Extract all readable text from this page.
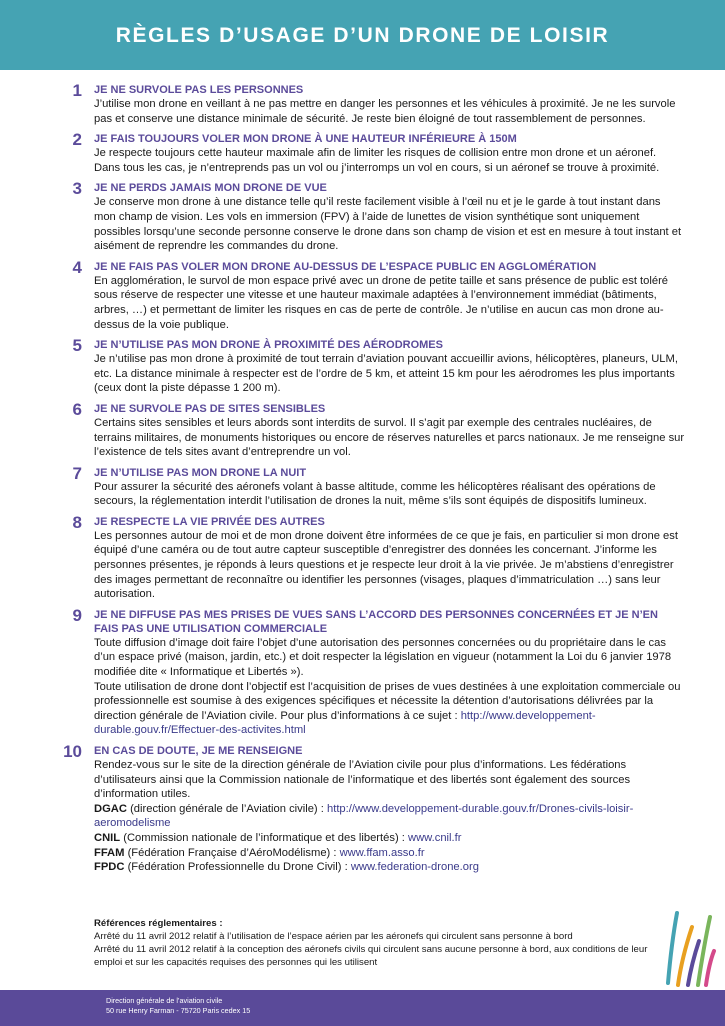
RÈGLES D’USAGE D’UN DRONE DE LOISIR
1 JE NE SURVOLE PAS LES PERSONNES

J’utilise mon drone en veillant à ne pas mettre en danger les personnes et les véhicules à proximité. Je ne les survole pas et conserve une distance minimale de sécurité. Je reste bien éloigné de tout rassemblement de personnes.

2 JE FAIS TOUJOURS VOLER MON DRONE À UNE HAUTEUR INFÉRIEURE À 150M

Je respecte toujours cette hauteur maximale afin de limiter les risques de collision entre mon drone et un aéronef. Dans tous les cas, je n’entreprends pas un vol ou j’interromps un vol en cours, si un aéronef se trouve à proximité.

3 JE NE PERDS JAMAIS MON DRONE DE VUE

Je conserve mon drone à une distance telle qu’il reste facilement visible à l’œil nu et je le garde à tout instant dans mon champ de vision. Les vols en immersion (FPV) à l’aide de lunettes de vision synthétique sont uniquement possibles lorsqu’une seconde personne conserve le drone dans son champ de vision et est en mesure à tout instant et aisément de reprendre les commandes du drone.

4 JE NE FAIS PAS VOLER MON DRONE AU-DESSUS DE L’ESPACE PUBLIC EN AGGLOMÉRATION

En agglomération, le survol de mon espace privé avec un drone de petite taille et sans présence de public est toléré sous réserve de respecter une vitesse et une hauteur maximale adaptées à l’environnement immédiat (bâtiments, arbres, …) et permettant de limiter les risques en cas de perte de contrôle. Je n’utilise en aucun cas mon drone au-dessus de la voie publique.

5 JE N’UTILISE PAS MON DRONE À PROXIMITÉ DES AÉRODROMES

Je n’utilise pas mon drone à proximité de tout terrain d’aviation pouvant accueillir avions, hélicoptères, planeurs, ULM, etc. La distance minimale à respecter est de l’ordre de 5 km, et atteint 15 km pour les aérodromes les plus importants (ceux dont la piste dépasse 1 200 m).

6 JE NE SURVOLE PAS DE SITES SENSIBLES

Certains sites sensibles et leurs abords sont interdits de survol. Il s’agit par exemple des centrales nucléaires, de terrains militaires, de monuments historiques ou encore de réserves naturelles et parcs nationaux. Je me renseigne sur l’existence de tels sites avant d’entreprendre un vol.

7 JE N’UTILISE PAS MON DRONE LA NUIT

Pour assurer la sécurité des aéronefs volant à basse altitude, comme les hélicoptères réalisant des opérations de secours, la réglementation interdit l’utilisation de drones la nuit, même s’ils sont équipés de dispositifs lumineux.

8 JE RESPECTE LA VIE PRIVÉE DES AUTRES

Les personnes autour de moi et de mon drone doivent être informées de ce que je fais, en particulier si mon drone est équipé d’une caméra ou de tout autre capteur susceptible d’enregistrer des données les concernant. J’informe les personnes présentes, je réponds à leurs questions et je respecte leur droit à la vie privée. Je m’abstiens d’enregistrer des images permettant de reconnaître ou identifier les personnes (visages, plaques d’immatriculation …) sans leur autorisation.

9 JE NE DIFFUSE PAS MES PRISES DE VUES SANS L’ACCORD DES PERSONNES CONCERNÉES ET JE N’EN FAIS PAS UNE UTILISATION COMMERCIALE

Toute diffusion d’image doit faire l’objet d’une autorisation des personnes concernées ou du propriétaire dans le cas d’un espace privé (maison, jardin, etc.) et doit respecter la législation en vigueur (notamment la Loi du 6 janvier 1978 modifiée dite « Informatique et Libertés »).

Toute utilisation de drone dont l’objectif est l’acquisition de prises de vues destinées à une exploitation commerciale ou professionnelle est soumise à des exigences spécifiques et nécessite la détention d’autorisations délivrées par la direction générale de l’Aviation civile. Pour plus d’informations à ce sujet : http://www.developpement-durable.gouv.fr/Effectuer-des-activites.html

10 EN CAS DE DOUTE, JE ME RENSEIGNE

Rendez-vous sur le site de la direction générale de l’Aviation civile pour plus d’informations. Les fédérations d’utilisateurs ainsi que la Commission nationale de l’informatique et des libertés sont également des sources d’information utiles.

DGAC (direction générale de l’Aviation civile) : http://www.developpement-durable.gouv.fr/Drones-civils-loisir-aeromodelisme
CNIL (Commission nationale de l’informatique et des libertés) : www.cnil.fr
FFAM (Fédération Française d’AéroModélisme) : www.ffam.asso.fr
FPDC (Fédération Professionnelle du Drone Civil) : www.federation-drone.org

Références réglementaires :

Arrêté du 11 avril 2012 relatif à l’utilisation de l’espace aérien par les aéronefs qui circulent sans personne à bord

Arrêté du 11 avril 2012 relatif à la conception des aéronefs civils qui circulent sans aucune personne à bord, aux conditions de leur emploi et sur les capacités requises des personnes qui les utilisent

Direction générale de l’aviation civile
50 rue Henry Farman - 75720 Paris cedex 15
